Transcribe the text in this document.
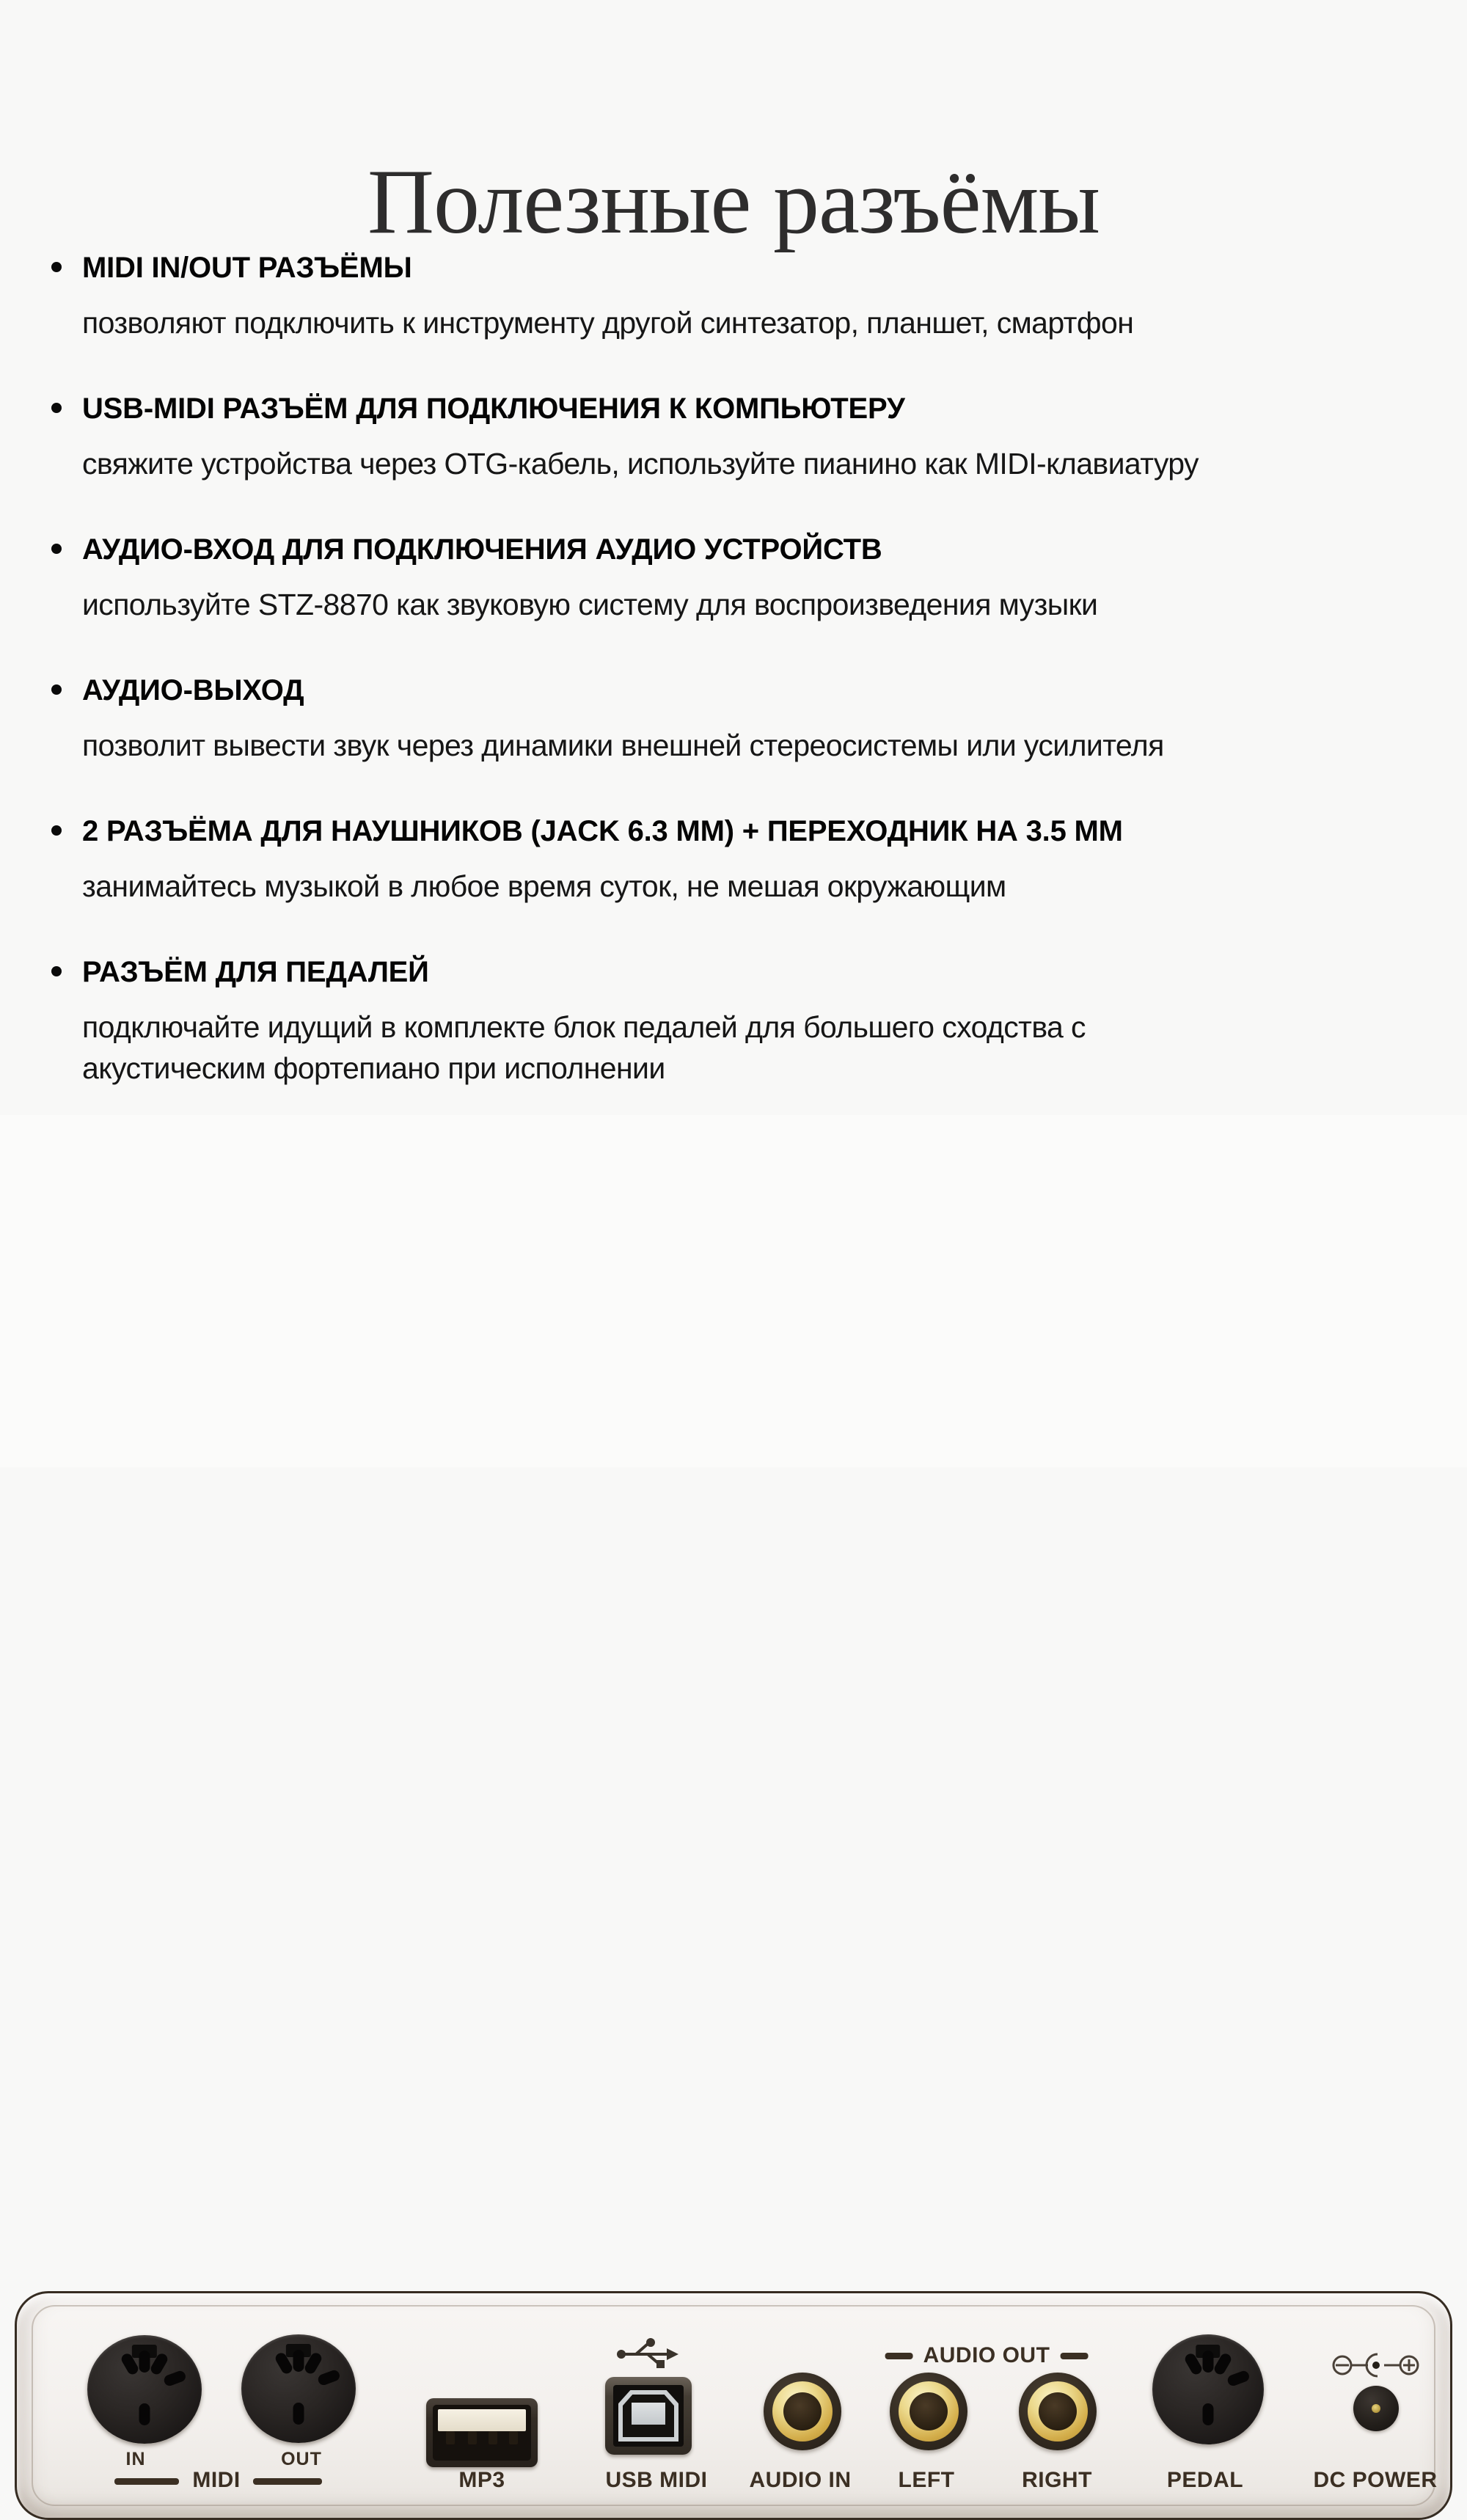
Полезные разъёмы
MIDI IN/OUT РАЗЪЁМЫ
позволяют подключить к инструменту другой синтезатор, планшет, смартфон
USB-MIDI РАЗЪЁМ ДЛЯ ПОДКЛЮЧЕНИЯ К КОМПЬЮТЕРУ
свяжите устройства через OTG-кабель, используйте пианино как MIDI-клавиатуру
АУДИО-ВХОД ДЛЯ ПОДКЛЮЧЕНИЯ АУДИО УСТРОЙСТВ
используйте STZ-8870 как звуковую систему для воспроизведения музыки
АУДИО-ВЫХОД
позволит вывести звук через динамики внешней стереосистемы или усилителя
2 РАЗЪЁМА ДЛЯ НАУШНИКОВ (JACK 6.3 ММ) + ПЕРЕХОДНИК НА 3.5 ММ
занимайтесь музыкой в любое время суток, не мешая окружающим
РАЗЪЁМ ДЛЯ ПЕДАЛЕЙ
подключайте идущий в комплекте блок педалей для большего сходства с акустическим фортепиано при исполнении
IN	OUT
MIDI	MP3	USB MIDI AUDIO IN
AUDIO OUT
LEFT	RIGHT	PEDAL	DC POWER
